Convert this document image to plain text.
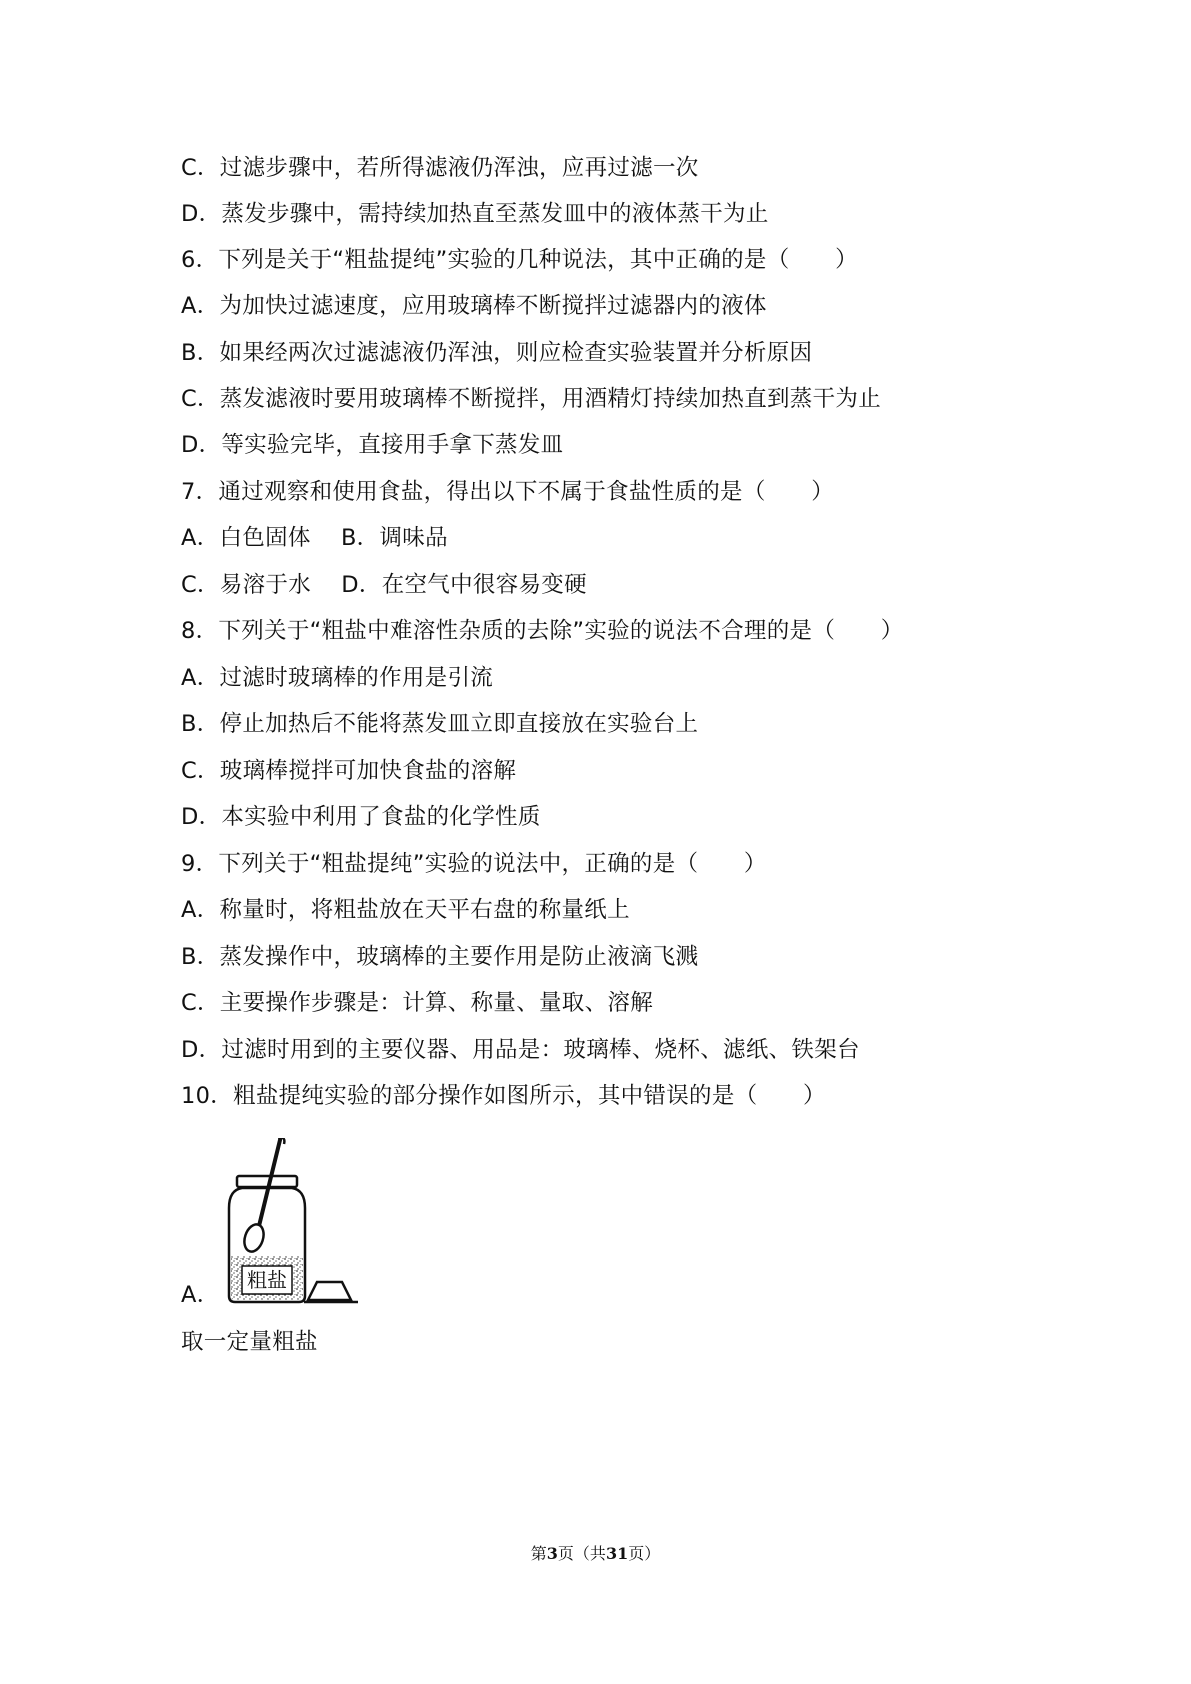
C．过滤步骤中，若所得滤液仍浑浊，应再过滤一次
D．蒸发步骤中，需持续加热直至蒸发皿中的液体蒸干为止
6．下列是关于“粗盐提纯”实验的几种说法，其中正确的是（　　）
A．为加快过滤速度，应用玻璃棒不断搅拌过滤器内的液体
B．如果经两次过滤滤液仍浑浊，则应检查实验装置并分析原因
C．蒸发滤液时要用玻璃棒不断搅拌，用酒精灯持续加热直到蒸干为止
D．等实验完毕，直接用手拿下蒸发皿
7．通过观察和使用食盐，得出以下不属于食盐性质的是（　　）
A．白色固体　 B．调味品
C．易溶于水　 D．在空气中很容易变硬
8．下列关于“粗盐中难溶性杂质的去除”实验的说法不合理的是（　　）
A．过滤时玻璃棒的作用是引流
B．停止加热后不能将蒸发皿立即直接放在实验台上
C．玻璃棒搅拌可加快食盐的溶解
D．本实验中利用了食盐的化学性质
9．下列关于“粗盐提纯”实验的说法中，正确的是（　　）
A．称量时，将粗盐放在天平右盘的称量纸上
B．蒸发操作中，玻璃棒的主要作用是防止液滴飞溅
C．主要操作步骤是：计算、称量、量取、溶解
D．过滤时用到的主要仪器、用品是：玻璃棒、烧杯、滤纸、铁架台
10．粗盐提纯实验的部分操作如图所示，其中错误的是（　　）
A．
取一定量粗盐
粗盐
第3页（共31页）
